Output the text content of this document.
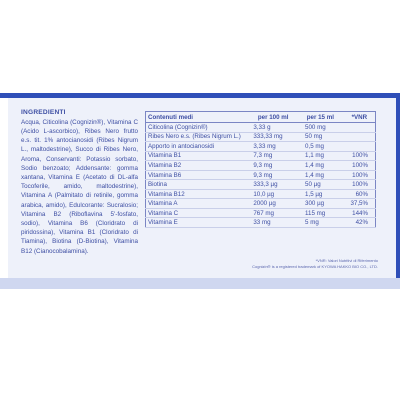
INGREDIENTI
Acqua, Citicolina (Cognizin®), Vitamina C (Acido L-ascorbico), Ribes Nero frutto e.s. tit. 1% antocianosidi (Ribes Nigrum L., maltodestrine), Succo di Ribes Nero, Aroma, Conservanti: Potassio sorbato, Sodio benzoato; Addensante: gomma xantana, Vitamina E (Acetato di DL-alfa Tocoferile, amido, maltodestrine), Vitamina A (Palmitato di retinile, gomma arabica, amido), Edulcorante: Sucralosio; Vitamina B2 (Riboflavina 5'-fosfato, sodio), Vitamina B6 (Cloridrato di piridossina), Vitamina B1 (Cloridrato di Tiamina), Biotina (D-Biotina), Vitamina B12 (Cianocobalamina).
Contenuti medi	per 100 ml	per 15 ml	*VNR
Citicolina (Cognizin®)	3,33 g	500 mg	
Ribes Nero e.s. (Ribes Nigrum L.)	333,33 mg	50 mg	
Apporto in antocianosidi	3,33 mg	0,5 mg	
Vitamina B1	7,3 mg	1,1 mg	100%
Vitamina B2	9,3 mg	1,4 mg	100%
Vitamina B6	9,3 mg	1,4 mg	100%
Biotina	333,3 µg	50 µg	100%
Vitamina B12	10,0 µg	1,5 µg	60%
Vitamina A	2000 µg	300 µg	37,5%
Vitamina C	767 mg	115 mg	144%
Vitamina E	33 mg	5 mg	42%
*VNR: Valori Nutritivi di Riferimento
Cognizin® is a registered trademark of KYOWA HAKKO BIO CO., LTD.
